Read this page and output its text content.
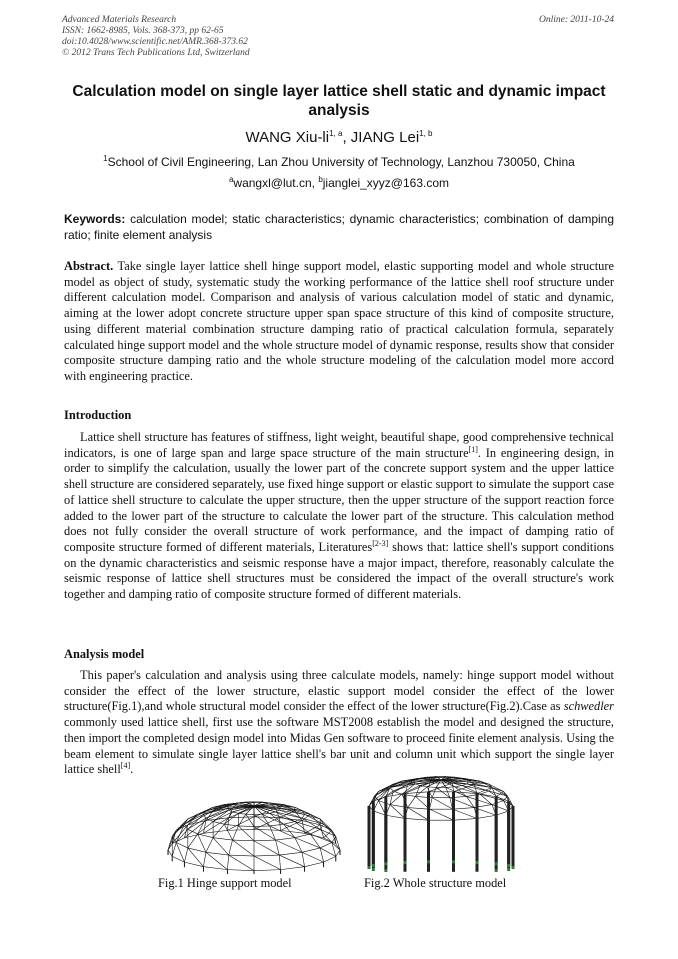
Advanced Materials Research
ISSN: 1662-8985, Vols. 368-373, pp 62-65
doi:10.4028/www.scientific.net/AMR.368-373.62
© 2012 Trans Tech Publications Ltd, Switzerland
Online: 2011-10-24
Calculation model on single layer lattice shell static and dynamic impact analysis
WANG Xiu-li$^{1, a}$, JIANG Lei$^{1, b}$
$^1$School of Civil Engineering, Lan Zhou University of Technology, Lanzhou 730050, China
$^a$wangxl@lut.cn, $^b$jianglei_xyyz@163.com

Keywords: calculation model; static characteristics; dynamic characteristics; combination of damping ratio; finite element analysis

Abstract. Take single layer lattice shell hinge support model, elastic supporting model and whole structure model as object of study, systematic study the working performance of the lattice shell roof structure under different calculation model. Comparison and analysis of various calculation model of static and dynamic, aiming at the lower adopt concrete structure upper span space structure of this kind of composite structure, using different material combination structure damping ratio of practical calculation formula, separately calculated hinge support model and the whole structure model of dynamic response, results show that consider composite structure damping ratio and the whole structure modeling of the calculation model more accord with engineering practice.

Introduction

Lattice shell structure has features of stiffness, light weight, beautiful shape, good comprehensive technical indicators, is one of large span and large space structure of the main structure[1]. In engineering design, in order to simplify the calculation, usually the lower part of the concrete support system and the upper lattice shell structure are considered separately, use fixed hinge support or elastic support to simulate the support case of lattice shell structure to calculate the upper structure, then the upper structure of the support reaction force added to the lower part of the structure to calculate the lower part of the structure. This calculation method does not fully consider the overall structure of work performance, and the impact of damping ratio of composite structure formed of different materials, Literatures[2-3] shows that: lattice shell's support conditions on the dynamic characteristics and seismic response have a major impact, therefore, reasonably calculate the seismic response of lattice shell structures must be considered the impact of the overall structure's work together and damping ratio of composite structure formed of different materials.

Analysis model

This paper's calculation and analysis using three calculate models, namely: hinge support model without consider the effect of the lower structure, elastic support model consider the effect of the lower structure(Fig.1),and whole structural model consider the effect of the lower structure(Fig.2).Case as schwedler commonly used lattice shell, first use the software MST2008 establish the model and designed the structure, then import the completed design model into Midas Gen software to proceed finite element analysis. Using the beam element to simulate single layer lattice shell's bar unit and column unit which support the single layer lattice shell[4].

Fig.1 Hinge support model	Fig.2 Whole structure model
